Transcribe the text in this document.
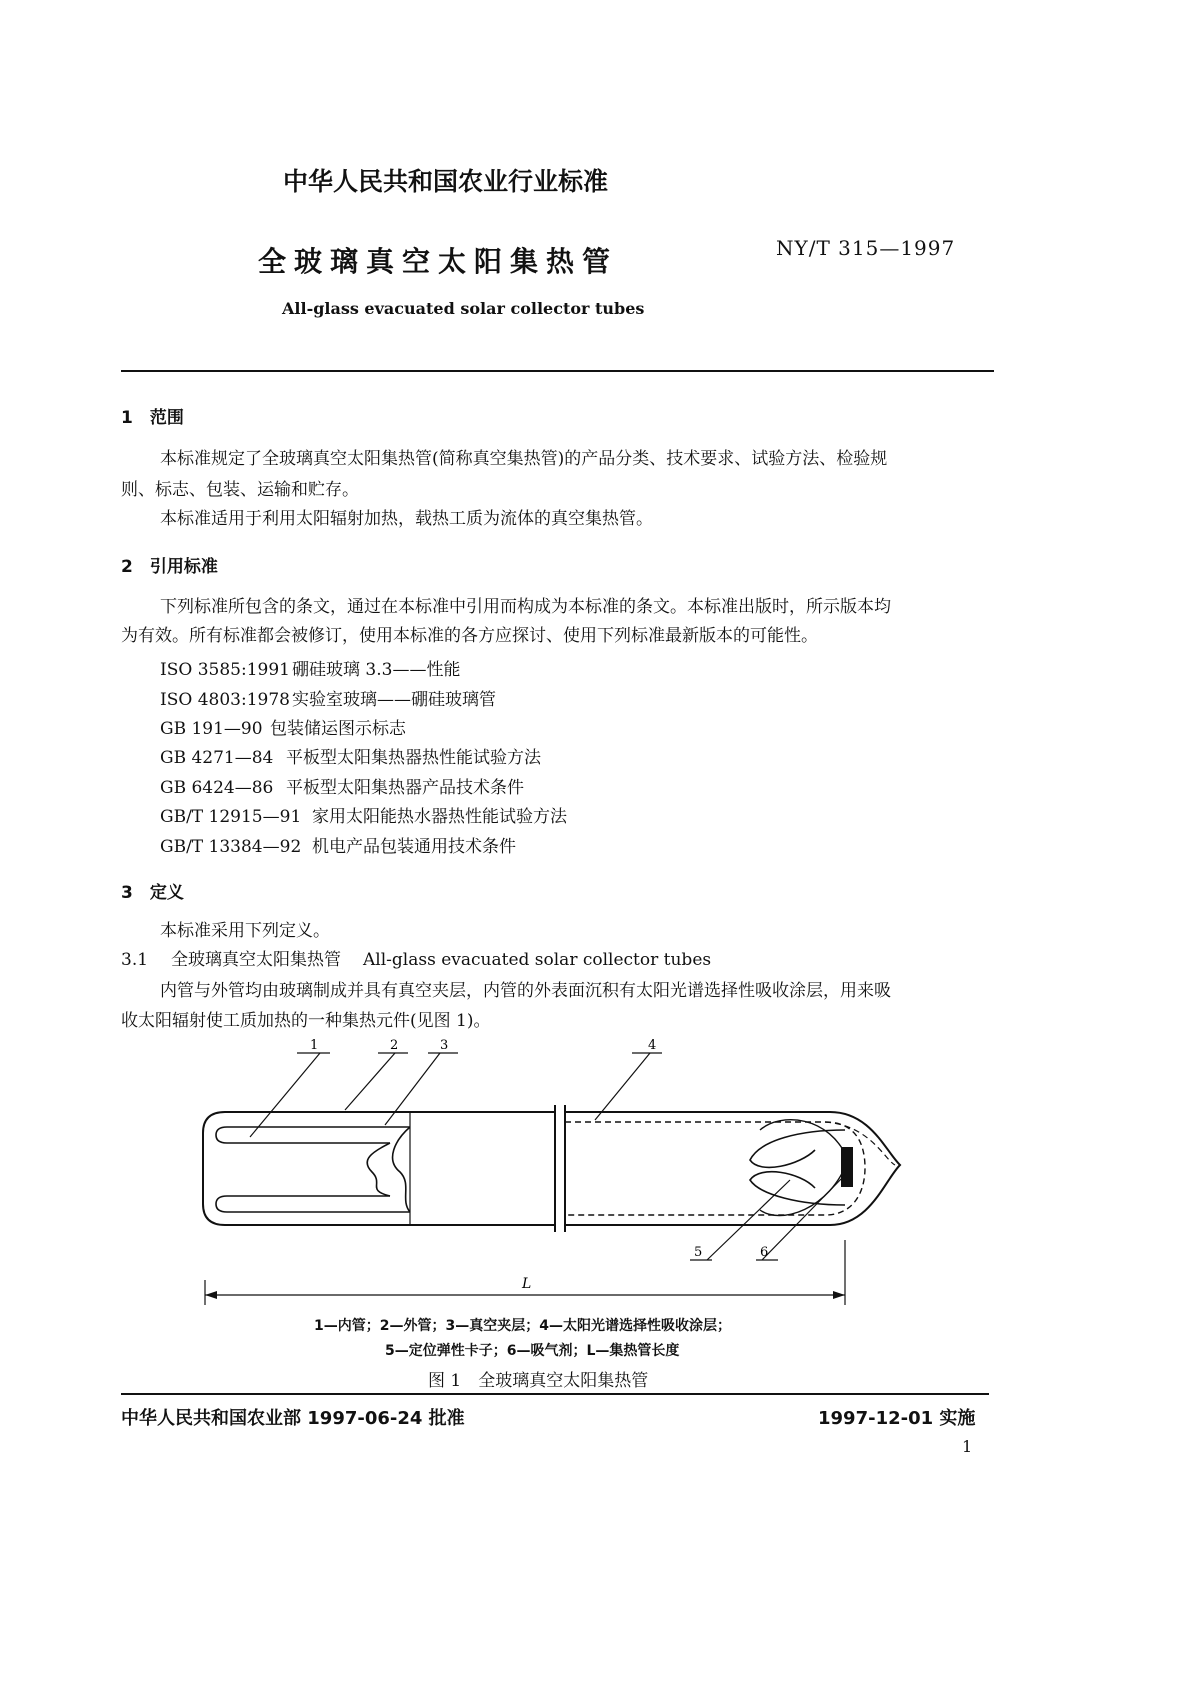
中华人民共和国农业行业标准
全玻璃真空太阳集热管	NY/T 315—1997
All-glass evacuated solar collector tubes
1　范围
本标准规定了全玻璃真空太阳集热管(简称真空集热管)的产品分类、技术要求、试验方法、检验规
则、标志、包装、运输和贮存。
本标准适用于利用太阳辐射加热，载热工质为流体的真空集热管。
2　引用标准
下列标准所包含的条文，通过在本标准中引用而构成为本标准的条文。本标准出版时，所示版本均
为有效。所有标准都会被修订，使用本标准的各方应探讨、使用下列标准最新版本的可能性。
ISO 3585:1991 硼硅玻璃 3.3——性能
ISO 4803:1978 实验室玻璃——硼硅玻璃管
GB 191—90 包装储运图示标志
GB 4271—84 平板型太阳集热器热性能试验方法
GB 6424—86 平板型太阳集热器产品技术条件
GB/T 12915—91 家用太阳能热水器热性能试验方法
GB/T 13384—92 机电产品包装通用技术条件
3　定义
本标准采用下列定义。
3.1 全玻璃真空太阳集热管 All-glass evacuated solar collector tubes
内管与外管均由玻璃制成并具有真空夹层，内管的外表面沉积有太阳光谱选择性吸收涂层，用来吸
收太阳辐射使工质加热的一种集热元件(见图 1)。
1	2	3	4
5	6
L
1—内管；2—外管；3—真空夹层；4—太阳光谱选择性吸收涂层；
5—定位弹性卡子；6—吸气剂；L—集热管长度
图 1　全玻璃真空太阳集热管
中华人民共和国农业部 1997-06-24 批准	1997-12-01 实施
1
